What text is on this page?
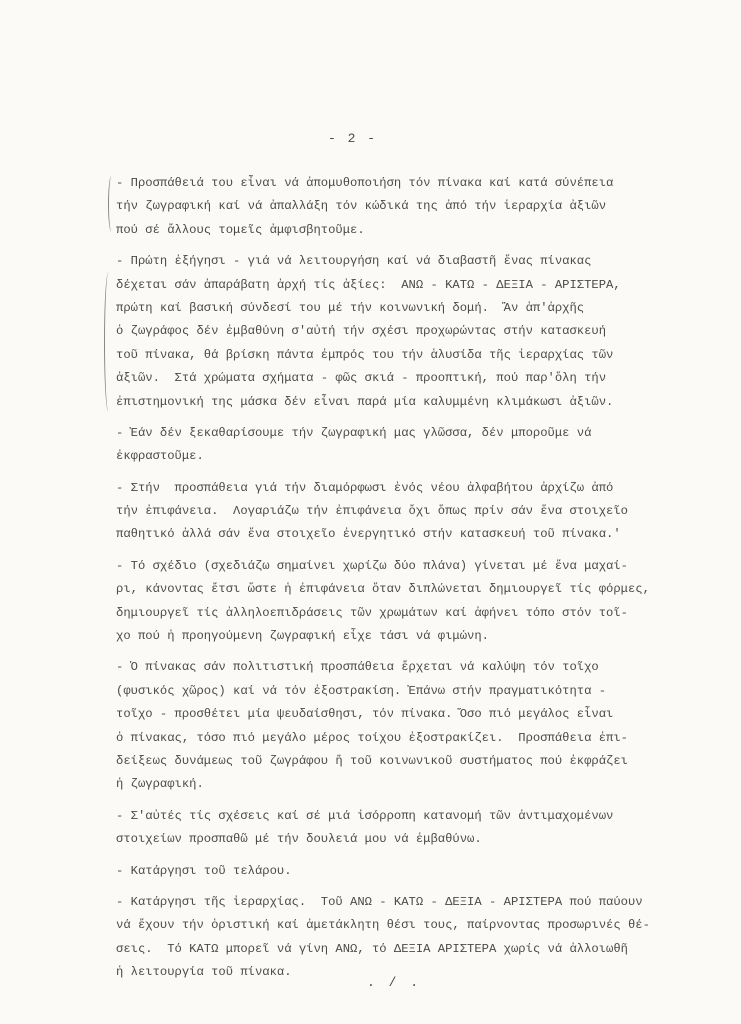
- 2 -
- Προσπάθειά του εἶναι νά ἀπομυθοποιήση τόν πίνακα καί κατά σύνέπεια
τήν ζωγραφική καί νά ἀπαλλάξη τόν κώδικά της ἀπό τήν ἱεραρχία ἀξιῶν
πού σέ ἄλλους τομεῖς ἀμφισβητοῦμε.
- Πρώτη ἐξήγησι - γιά νά λειτουργήση καί νά διαβαστῆ ἕνας πίνακας
δέχεται σάν ἀπαράβατη ἀρχή τίς ἀξίες:  ΑΝΩ - ΚΑΤΩ - ΔΕΞΙΑ - ΑΡΙΣΤΕΡΑ,
πρώτη καί βασική σύνδεσί του μέ τήν κοινωνική δομή.  Ἄν ἀπ'ἀρχῆς
ὁ ζωγράφος δέν ἐμβαθύνη σ'αὐτή τήν σχέσι προχωρώντας στήν κατασκευή
τοῦ πίνακα, θά βρίσκη πάντα ἐμπρός του τήν ἁλυσίδα τῆς ἱεραρχίας τῶν
ἀξιῶν.  Στά χρώματα σχήματα - φῶς σκιά - προοπτική, πού παρ'ὅλη τήν
ἐπιστημονική της μάσκα δέν εἶναι παρά μία καλυμμένη κλιμάκωσι ἀξιῶν.
- Ἐάν δέν ξεκαθαρίσουμε τήν ζωγραφική μας γλῶσσα, δέν μποροῦμε νά
ἐκφραστοῦμε.
- Στήν  προσπάθεια γιά τήν διαμόρφωσι ἑνός νέου ἀλφαβήτου ἀρχίζω ἀπό
τήν ἐπιφάνεια.  Λογαριάζω τήν ἐπιφάνεια ὄχι ὅπως πρίν σάν ἕνα στοιχεῖο
παθητικό ἀλλά σάν ἕνα στοιχεῖο ἐνεργητικό στήν κατασκευή τοῦ πίνακα.'
- Τό σχέδιο (σχεδιάζω σημαίνει χωρίζω δύο πλάνα) γίνεται μέ ἕνα μαχαί-
ρι, κάνοντας ἔτσι ὥστε ἡ ἐπιφάνεια ὅταν διπλώνεται δημιουργεῖ τίς φόρμες,
δημιουργεῖ τίς ἀλληλοεπιδράσεις τῶν χρωμάτων καί ἀφήνει τόπο στόν τοῖ-
χο πού ἡ προηγούμενη ζωγραφική εἶχε τάσι νά φιμώνη.
- Ὁ πίνακας σάν πολιτιστική προσπάθεια ἔρχεται νά καλύψη τόν τοῖχο
(φυσικός χῶρος) καί νά τόν ἐξοστρακίση. Ἐπάνω στήν πραγματικότητα -
τοῖχο - προσθέτει μία ψευδαίσθησι, τόν πίνακα. Ὅσο πιό μεγάλος εἶναι
ὁ πίνακας, τόσο πιό μεγάλο μέρος τοίχου ἐξοστρακίζει.  Προσπάθεια ἐπι-
δείξεως δυνάμεως τοῦ ζωγράφου ἤ τοῦ κοινωνικοῦ συστήματος πού ἐκφράζει
ἡ ζωγραφική.
- Σ'αὐτές τίς σχέσεις καί σέ μιά ἰσόρροπη κατανομή τῶν ἀντιμαχομένων
στοιχείων προσπαθῶ μέ τήν δουλειά μου νά ἐμβαθύνω.
- Κατάργησι τοῦ τελάρου.
- Κατάργησι τῆς ἱεραρχίας.  Τοῦ ΑΝΩ - ΚΑΤΩ - ΔΕΞΙΑ - ΑΡΙΣΤΕΡΑ πού παύουν
νά ἔχουν τήν ὁριστική καί ἀμετάκλητη θέσι τους, παίρνοντας προσωρινές θέ-
σεις.  Τό ΚΑΤΩ μπορεῖ νά γίνη ΑΝΩ, τό ΔΕΞΙΑ ΑΡΙΣΤΕΡΑ χωρίς νά ἀλλοιωθῆ
ἡ λειτουργία τοῦ πίνακα.
. / .
